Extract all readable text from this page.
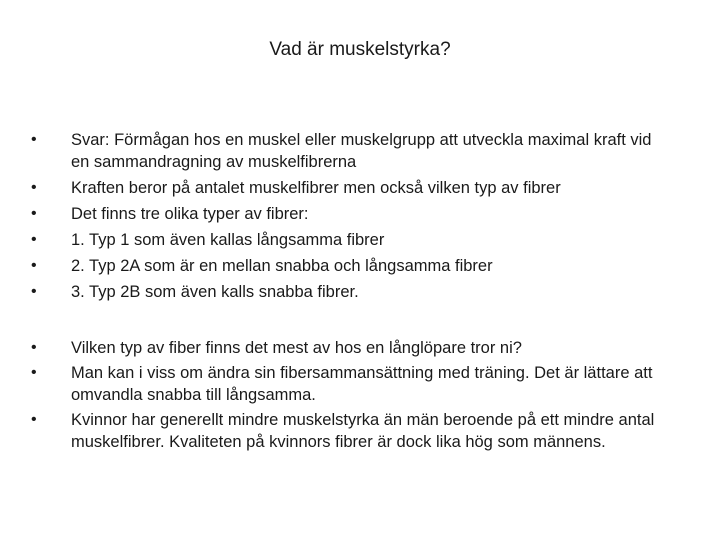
Vad är muskelstyrka?
• Svar: Förmågan hos en muskel eller muskelgrupp att utveckla maximal kraft vid en sammandragning av muskelfibrerna
• Kraften beror på antalet muskelfibrer men också vilken typ av fibrer
• Det finns tre olika typer av fibrer:
• 1. Typ 1 som även kallas långsamma fibrer
• 2. Typ 2A som är en mellan snabba och långsamma fibrer
• 3. Typ 2B som även kalls snabba fibrer.
• Vilken typ av fiber finns det mest av hos en långlöpare tror ni?
• Man kan i viss om ändra sin fibersammansättning med träning. Det är lättare att omvandla snabba till långsamma.
• Kvinnor har generellt mindre muskelstyrka än män beroende på ett mindre antal muskelfibrer. Kvaliteten på kvinnors fibrer är dock lika hög som männens.
